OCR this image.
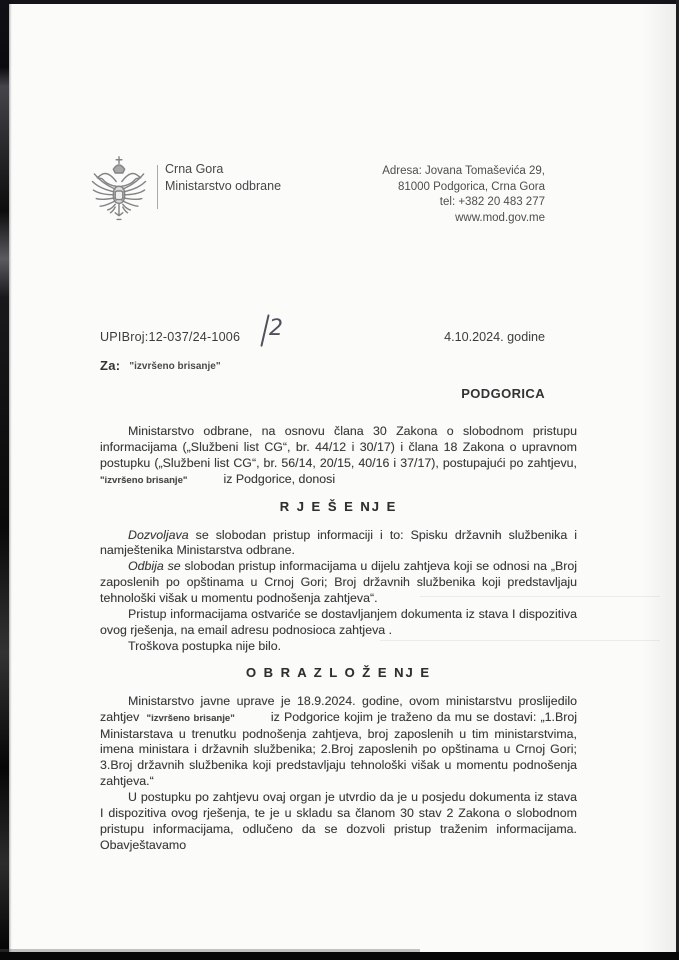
Crna Gora
Ministarstvo odbrane
Adresa: Jovana Tomaševića 29,
81000 Podgorica, Crna Gora
tel: +382 20 483 277
www.mod.gov.me
UPIBroj:12-037/24-1006 2	4.10.2024. godine
Za: "izvršeno brisanje"
PODGORICA

Ministarstvo odbrane, na osnovu člana 30 Zakona o slobodnom pristupu informacijama („Službeni list CG“, br. 44/12 i 30/17) i člana 18 Zakona o upravnom postupku („Službeni list CG“, br. 56/14, 20/15, 40/16 i 37/17), postupajući po zahtjevu, "izvršeno brisanje"	iz Podgorice, donosi

R J E Š E NJ E

Dozvoljava se slobodan pristup informaciji i to: Spisku državnih službenika i namještenika Ministarstva odbrane.

Odbija se slobodan pristup informacijama u dijelu zahtjeva koji se odnosi na „Broj zaposlenih po opštinama u Crnoj Gori; Broj državnih službenika koji predstavljaju tehnološki višak u momentu podnošenja zahtjeva“.

Pristup informacijama ostvariće se dostavljanjem dokumenta iz stava I dispozitiva ovog rješenja, na email adresu podnosioca zahtjeva .

Troškova postupka nije bilo.

O B R A Z L O Ž E NJ E

Ministarstvo javne uprave je 18.9.2024. godine, ovom ministarstvu proslijedilo zahtjev "izvršeno brisanje"	iz Podgorice kojim je traženo da mu se dostavi: „1.Broj Ministarstava u trenutku podnošenja zahtjeva, broj zaposlenih u tim ministarstvima, imena ministara i državnih službenika; 2.Broj zaposlenih po opštinama u Crnoj Gori; 3.Broj državnih službenika koji predstavljaju tehnološki višak u momentu podnošenja zahtjeva.“

U postupku po zahtjevu ovaj organ je utvrdio da je u posjedu dokumenta iz stava I dispozitiva ovog rješenja, te je u skladu sa članom 30 stav 2 Zakona o slobodnom pristupu informacijama, odlučeno da se dozvoli pristup traženim informacijama. Obavještavamo
